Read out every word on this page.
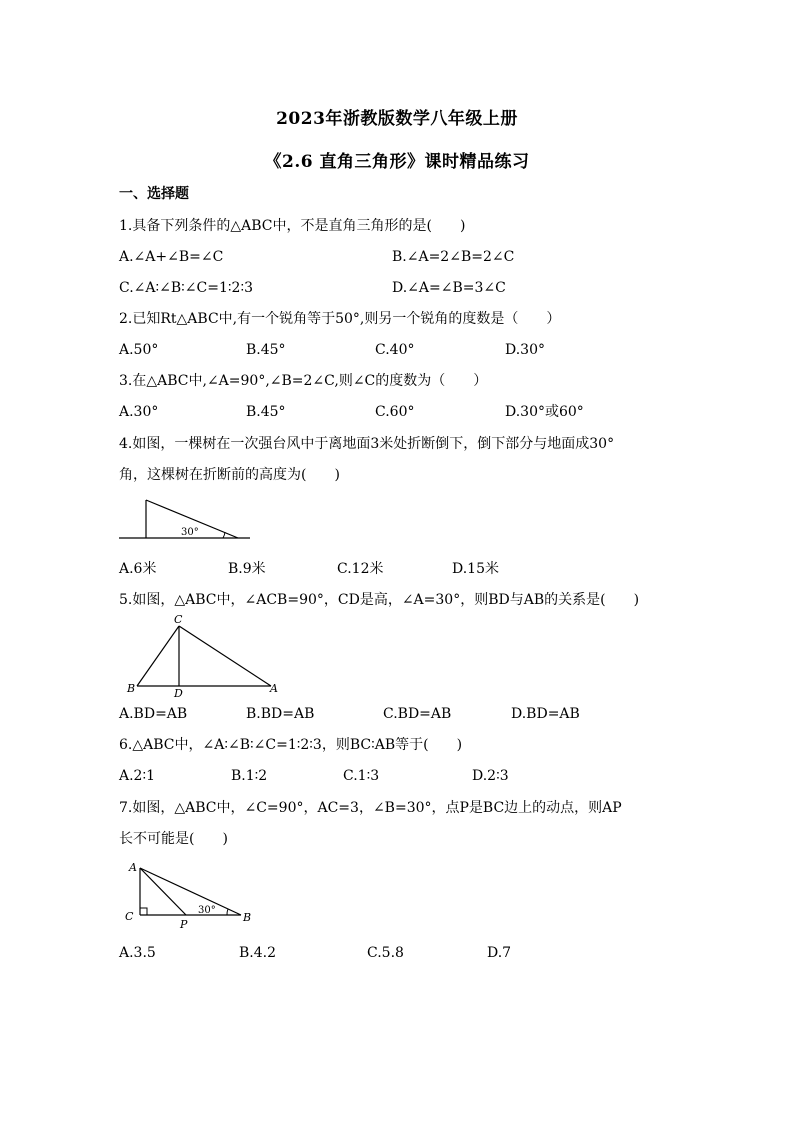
2023年浙教版数学八年级上册
《2.6 直角三角形》课时精品练习
一、选择题
1.具备下列条件的△ABC中，不是直角三角形的是(　　)
A.∠A+∠B=∠C	B.∠A=2∠B=2∠C
C.∠A∶∠B∶∠C=1∶2∶3	D.∠A=∠B=3∠C
2.已知Rt△ABC中,有一个锐角等于50°,则另一个锐角的度数是（　　）
A.50°	B.45°	C.40°	D.30°
3.在△ABC中,∠A=90°,∠B=2∠C,则∠C的度数为（　　）
A.30°	B.45°	C.60°	D.30°或60°
4.如图，一棵树在一次强台风中于离地面3米处折断倒下，倒下部分与地面成30°
角，这棵树在折断前的高度为(　　)
30°
A.6米	B.9米	C.12米	D.15米
5.如图，△ABC中，∠ACB=90°，CD是高，∠A=30°，则BD与AB的关系是(　　)
C
B	D	A
A.BD=AB	B.BD=AB	C.BD=AB	D.BD=AB
6.△ABC中，∠A∶∠B∶∠C=1∶2∶3，则BC∶AB等于(　　)
A.2∶1	B.1∶2	C.1∶3	D.2∶3
7.如图，△ABC中，∠C=90°，AC=3，∠B=30°，点P是BC边上的动点，则AP
长不可能是(　　)
A
C
P
B
30°
A.3.5	B.4.2	C.5.8	D.7
